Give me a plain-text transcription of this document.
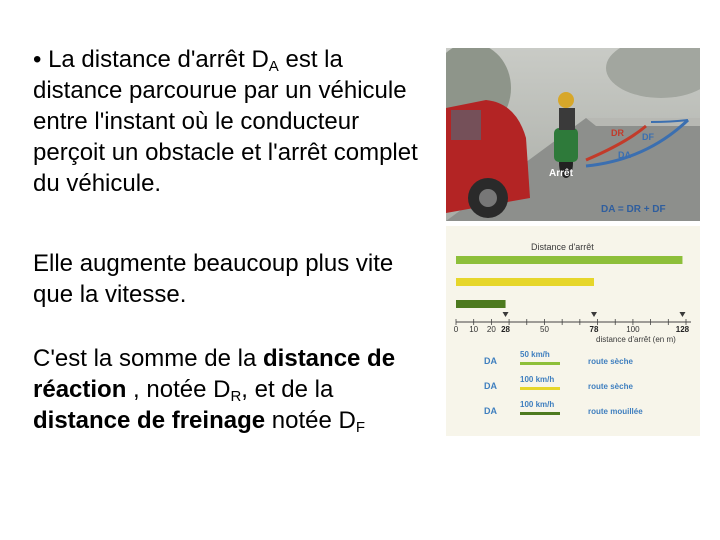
• La distance d'arrêt $D_A$ est la distance parcourue par un véhicule entre l'instant où le conducteur perçoit un obstacle et l'arrêt complet du véhicule.

Elle augmente beaucoup plus vite que la vitesse.

C'est la somme de la distance de réaction , notée $D_R$, et de la distance de freinage notée $D_F$

DR DF
DA
Arrêt
DA = DR + DF
Distance d'arrêt
0 10 20	50	100
28	78	128
distance d'arrêt (en m)
DA
50 km/h
route sèche
DA
100 km/h
route sèche
DA
100 km/h
route mouillée
